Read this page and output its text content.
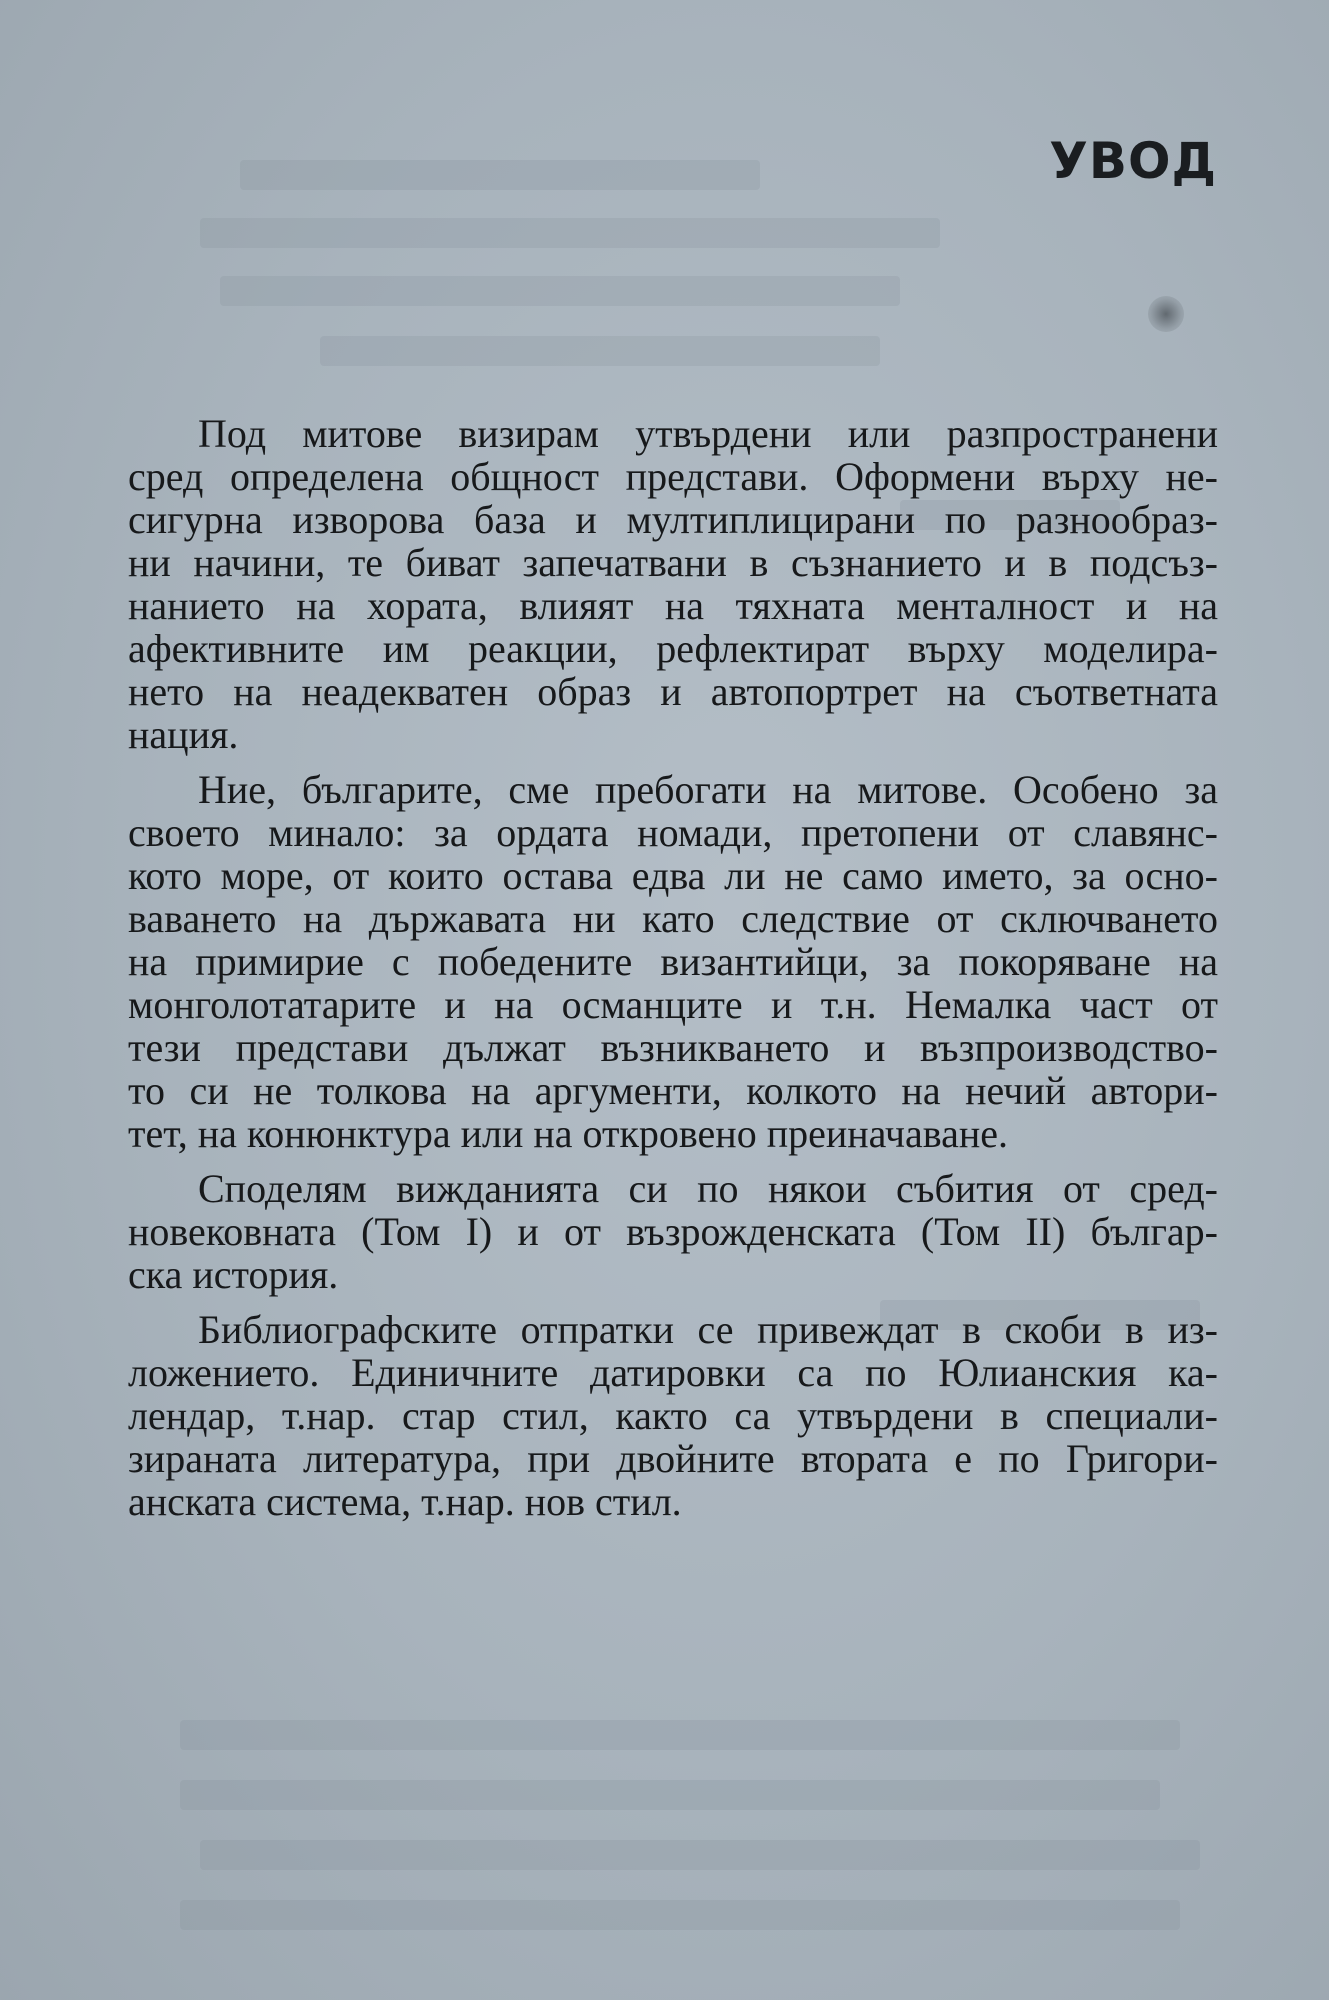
УВОД
Под митове визирам утвърдени или разпространени
сред определена общност представи. Оформени върху не-
сигурна изворова база и мултиплицирани по разнообраз-
ни начини, те биват запечатвани в съзнанието и в подсъз-
нанието на хората, влияят на тяхната менталност и на
афективните им реакции, рефлектират върху моделира-
нето на неадекватен образ и автопортрет на съответната
нация.
Ние, българите, сме пребогати на митове. Особено за
своето минало: за ордата номади, претопени от славянс-
кото море, от които остава едва ли не само името, за осно-
ваването на държавата ни като следствие от сключването
на примирие с победените византийци, за покоряване на
монголотатарите и на османците и т.н. Немалка част от
тези представи дължат възникването и възпроизводство-
то си не толкова на аргументи, колкото на нечий автори-
тет, на конюнктура или на откровено преиначаване.
Споделям вижданията си по някои събития от сред-
новековната (Том I) и от възрожденската (Том II) българ-
ска история.
Библиографските отпратки се привеждат в скоби в из-
ложението. Единичните датировки са по Юлианския ка-
лендар, т.нар. стар стил, както са утвърдени в специали-
зираната литература, при двойните втората е по Григори-
анската система, т.нар. нов стил.
